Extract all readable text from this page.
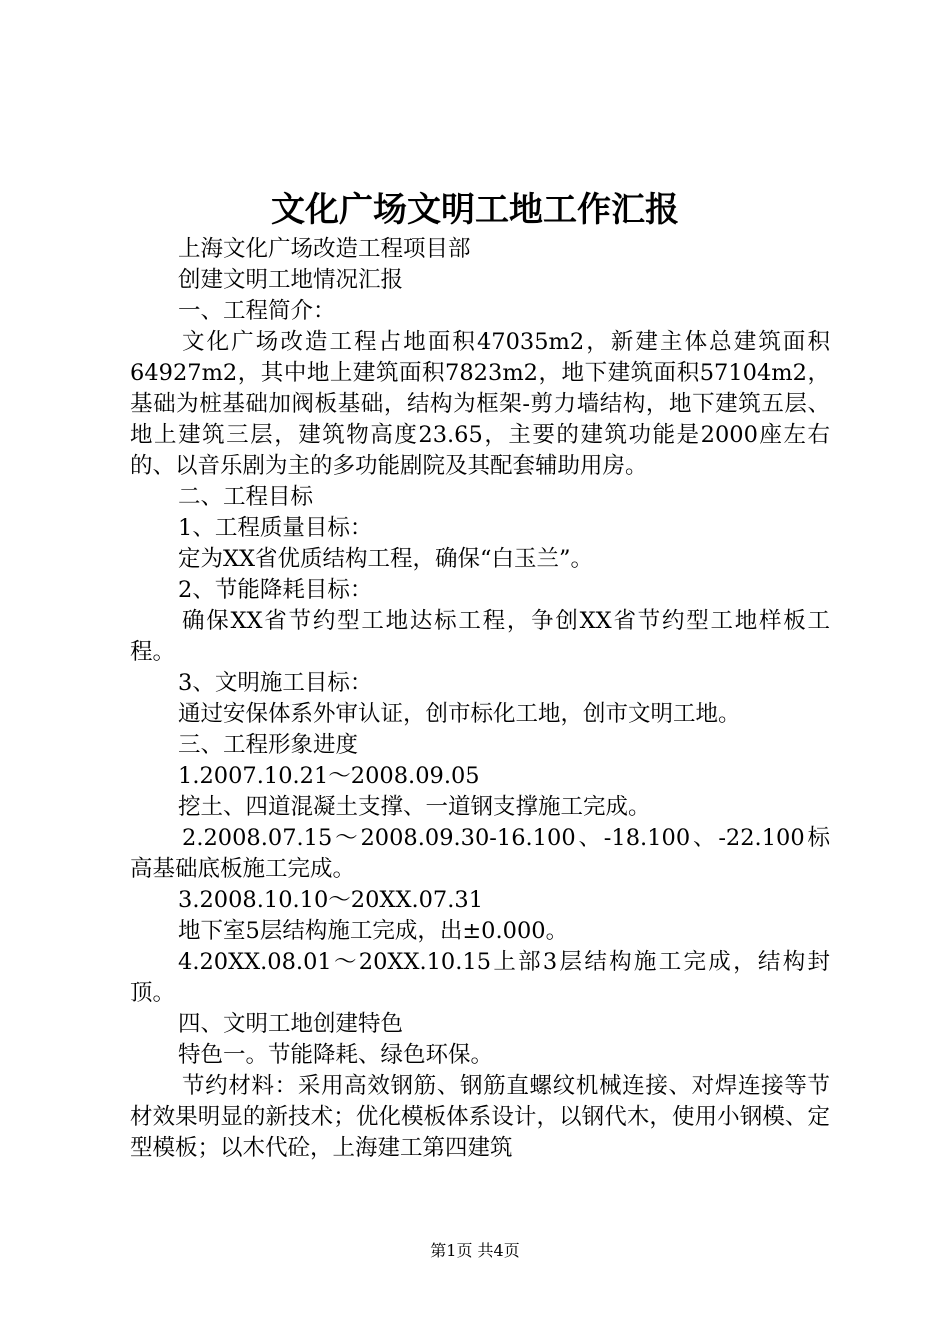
文化广场文明工地工作汇报

上海文化广场改造工程项目部

创建文明工地情况汇报

一、工程简介：

文化广场改造工程占地面积47035m2，新建主体总建筑面积64927m2，其中地上建筑面积7823m2，地下建筑面积57104m2，基础为桩基础加阀板基础，结构为框架-剪力墙结构，地下建筑五层、地上建筑三层，建筑物高度23.65，主要的建筑功能是2000座左右的、以音乐剧为主的多功能剧院及其配套辅助用房。

二、工程目标

1、工程质量目标：

定为XX省优质结构工程，确保“白玉兰”。

2、节能降耗目标：

确保XX省节约型工地达标工程，争创XX省节约型工地样板工程。

3、文明施工目标：

通过安保体系外审认证，创市标化工地，创市文明工地。

三、工程形象进度

1.2007.10.21～2008.09.05

挖土、四道混凝土支撑、一道钢支撑施工完成。

2.2008.07.15～2008.09.30-16.100、-18.100、-22.100标高基础底板施工完成。

3.2008.10.10～20XX.07.31

地下室5层结构施工完成，出±0.000。

4.20XX.08.01～20XX.10.15上部3层结构施工完成，结构封顶。

四、文明工地创建特色

特色一。节能降耗、绿色环保。

节约材料：采用高效钢筋、钢筋直螺纹机械连接、对焊连接等节材效果明显的新技术；优化模板体系设计，以钢代木，使用小钢模、定型模板；以木代砼，上海建工第四建筑

第1页 共4页
